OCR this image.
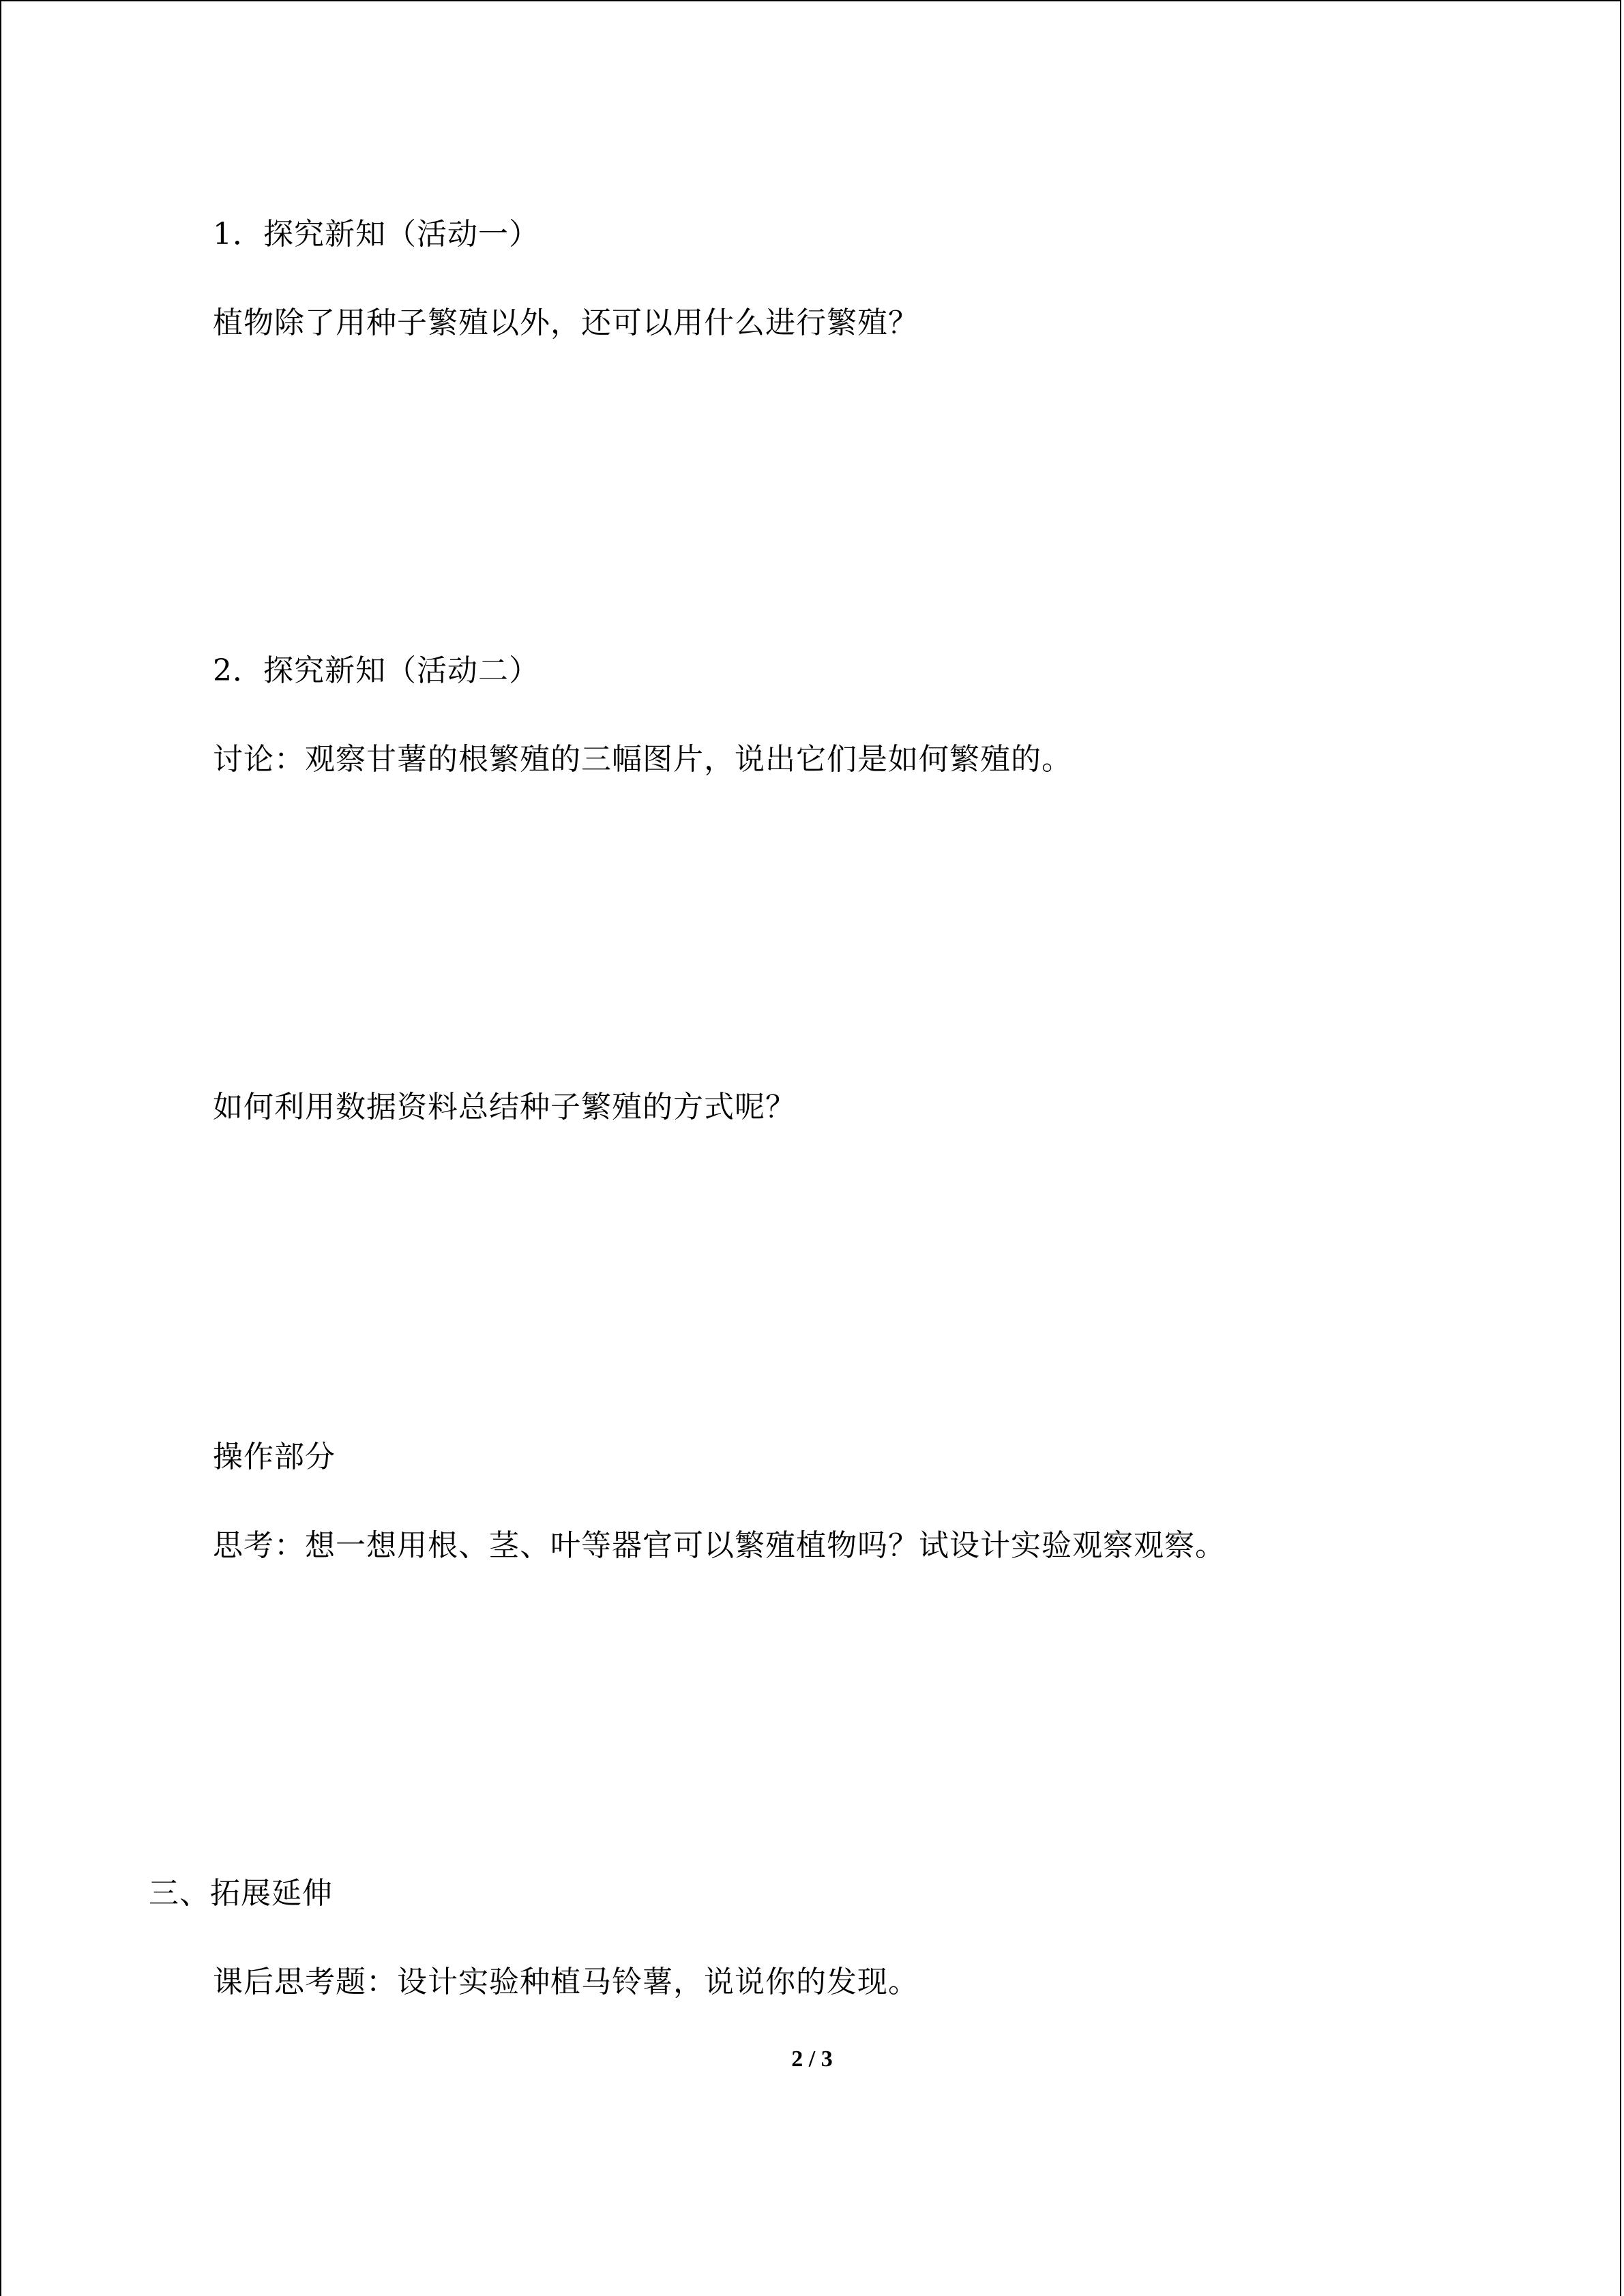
1．探究新知（活动一）
植物除了用种子繁殖以外，还可以用什么进行繁殖？
2．探究新知（活动二）
讨论：观察甘薯的根繁殖的三幅图片，说出它们是如何繁殖的。
如何利用数据资料总结种子繁殖的方式呢？
操作部分
思考：想一想用根、茎、叶等器官可以繁殖植物吗？试设计实验观察观察。
三、拓展延伸
课后思考题：设计实验种植马铃薯，说说你的发现。
2 / 3
